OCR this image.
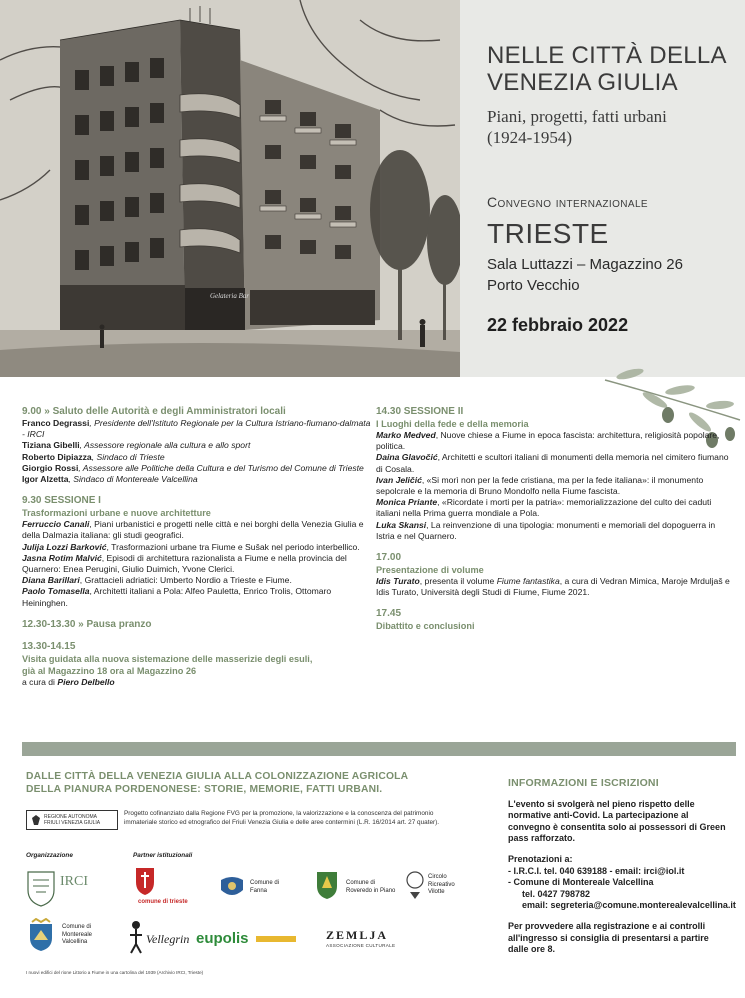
Gelateria Bar
NELLE CITTÀ DELLA
VENEZIA GIULIA
Piani, progetti, fatti urbani
(1924-1954)
Convegno internazionale
TRIESTE
Sala Luttazzi – Magazzino 26
Porto Vecchio
22 febbraio 2022
9.00 » Saluto delle Autorità e degli Amministratori locali
Franco Degrassi, Presidente dell'Istituto Regionale per la Cultura Istriano-fiumano-dalmata - IRCI
Tiziana Gibelli, Assessore regionale alla cultura e allo sport
Roberto Dipiazza, Sindaco di Trieste
Giorgio Rossi, Assessore alle Politiche della Cultura e del Turismo del Comune di Trieste
Igor Alzetta, Sindaco di Montereale Valcellina
9.30 SESSIONE I
Trasformazioni urbane e nuove architetture
Ferruccio Canali, Piani urbanistici e progetti nelle città e nei borghi della Venezia Giulia e della Dalmazia italiana: gli studi geografici.
Julija Lozzi Barković, Trasformazioni urbane tra Fiume e Sušak nel periodo interbellico.
Jasna Rotim Malvić, Episodi di architettura razionalista a Fiume e nella provincia del Quarnero: Enea Perugini, Giulio Duimich, Yvone Clerici.
Diana Barillari, Grattacieli adriatici: Umberto Nordio a Trieste e Fiume.
Paolo Tomasella, Architetti italiani a Pola: Alfeo Pauletta, Enrico Trolis, Ottomaro Heininghen.
12.30-13.30 » Pausa pranzo
13.30-14.15
Visita guidata alla nuova sistemazione delle masserizie degli esuli,
già al Magazzino 18 ora al Magazzino 26
a cura di Piero Delbello
14.30 SESSIONE II
I Luoghi della fede e della memoria
Marko Medved, Nuove chiese a Fiume in epoca fascista: architettura, religiosità popolare, politica.
Daina Glavočić, Architetti e scultori italiani di monumenti della memoria nel cimitero fiumano di Cosala.
Ivan Jeličić, «Si morì non per la fede cristiana, ma per la fede italiana»: il monumento sepolcrale e la memoria di Bruno Mondolfo nella Fiume fascista.
Monica Priante, «Ricordate i morti per la patria»: memorializzazione del culto dei caduti italiani nella Prima guerra mondiale a Pola.
Luka Skansi, La reinvenzione di una tipologia: monumenti e memoriali del dopoguerra in Istria e nel Quarnero.
17.00
Presentazione di volume
Idis Turato, presenta il volume Fiume fantastika, a cura di Vedran Mimica, Maroje Mrduljaš e Idis Turato, Università degli Studi di Fiume, Fiume 2021.
17.45
Dibattito e conclusioni
DALLE CITTÀ DELLA VENEZIA GIULIA ALLA COLONIZZAZIONE AGRICOLA
DELLA PIANURA PORDENONESE: STORIE, MEMORIE, FATTI URBANI.
REGIONE AUTONOMA
FRIULI VENEZIA GIULIA
Progetto cofinanziato dalla Regione FVG per la promozione, la valorizzazione e la conoscenza del patrimonio immateriale storico ed etnografico del Friuli Venezia Giulia e delle aree contermini (L.R. 16/2014 art. 27 quater).
Organizzazione	Partner istituzionali
IRCI
comune di trieste
Comune di
Fanna
Comune di
Roveredo in Piano
Circolo
Ricreativo
Vilotte
Comune di
Montereale
Valcellina	Vellegrin eupolis	ZEMLJA
ASSOCIAZIONE CULTURALE
I nuovi edifici del rione Littorio a Fiume in una cartolina del 1939 (Archivio IRCI, Trieste)
INFORMAZIONI E ISCRIZIONI
L'evento si svolgerà nel pieno rispetto delle
normative anti-Covid. La partecipazione al
convegno è consentita solo ai possessori di Green
pass rafforzato.
Prenotazioni a:
- I.R.C.I. tel. 040 639188 - email: irci@iol.it
- Comune di Montereale Valcellina
tel. 0427 798782
email: segreteria@comune.monterealevalcellina.it
Per provvedere alla registrazione e ai controlli
all'ingresso si consiglia di presentarsi a partire
dalle ore 8.
